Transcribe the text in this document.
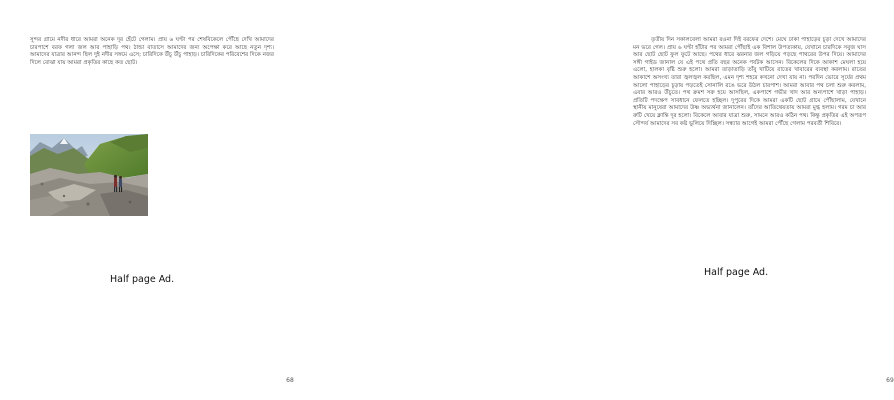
সুন্দর গ্রামে নদীর ধারে আমরা অনেক দূর হেঁটে গেলাম। প্রায় ৬ ঘণ্টা পর শেষবিকেলে পৌঁছে দেখি আমাদের চারপাশে বরফ গলা জল আর পাহাড়ি পথ। ঠান্ডা বাতাসে আমাদের জন্য অপেক্ষা করে আছে নতুন দৃশ্য। আমাদের যাত্রার আনন্দ ছিল দুই নদীর সঙ্গমে এসে; চারিদিকে উঁচু উঁচু পাহাড়। চারিদিকের পরিবেশের দিকে নজর দিলে বোঝা যায় আমরা প্রকৃতির কাছে কত ছোট।

Half page Ad.
68

তৃতীয় দিন সকালবেলা আমরা রওনা দিই বরফের দেশে। মেঘে ঢাকা পাহাড়ের চূড়া দেখে আমাদের মন ভরে গেল। প্রায় ৬ ঘণ্টা হাঁটার পর আমরা পৌঁছাই এক বিশাল উপত্যকায়, যেখানে চারদিকে সবুজ ঘাস আর ছোট ছোট ফুল ফুটে আছে। পথের ধারে ঝরনার জল গড়িয়ে পড়ছে পাথরের উপর দিয়ে। আমাদের সঙ্গী গাইড জানাল যে এই পথে প্রতি বছর অনেক পর্যটক আসেন। বিকেলের দিকে আকাশ মেঘলা হয়ে এলো, হালকা বৃষ্টি শুরু হলো। আমরা তাড়াতাড়ি তাঁবু খাটিয়ে রাতের খাবারের ব্যবস্থা করলাম। রাতের আকাশে অসংখ্য তারা জ্বলজ্বল করছিল, এমন দৃশ্য শহরে কখনো দেখা যায় না। পরদিন ভোরে সূর্যের প্রথম আলো পাহাড়ের চূড়ায় পড়তেই সোনালি রঙে ভরে উঠল চারপাশ। আমরা আবার পথ চলা শুরু করলাম, এবার আরও উঁচুতে। পথ ক্রমশ সরু হয়ে আসছিল, একপাশে গভীর খাদ আর অন্যপাশে খাড়া পাহাড়। প্রতিটি পদক্ষেপ সাবধানে ফেলতে হচ্ছিল। দুপুরের দিকে আমরা একটি ছোট গ্রামে পৌঁছালাম, যেখানে স্থানীয় মানুষেরা আমাদের উষ্ণ অভ্যর্থনা জানালেন। তাঁদের আতিথেয়তায় আমরা মুগ্ধ হলাম। গরম চা আর রুটি খেয়ে ক্লান্তি দূর হলো। বিকেলে আবার যাত্রা শুরু, সামনে আরও কঠিন পথ। কিন্তু প্রকৃতির এই অপরূপ সৌন্দর্য আমাদের সব কষ্ট ভুলিয়ে দিচ্ছিল। সন্ধ্যার আগেই আমরা পৌঁছে গেলাম পরবর্তী শিবিরে।

Half page Ad.
69
